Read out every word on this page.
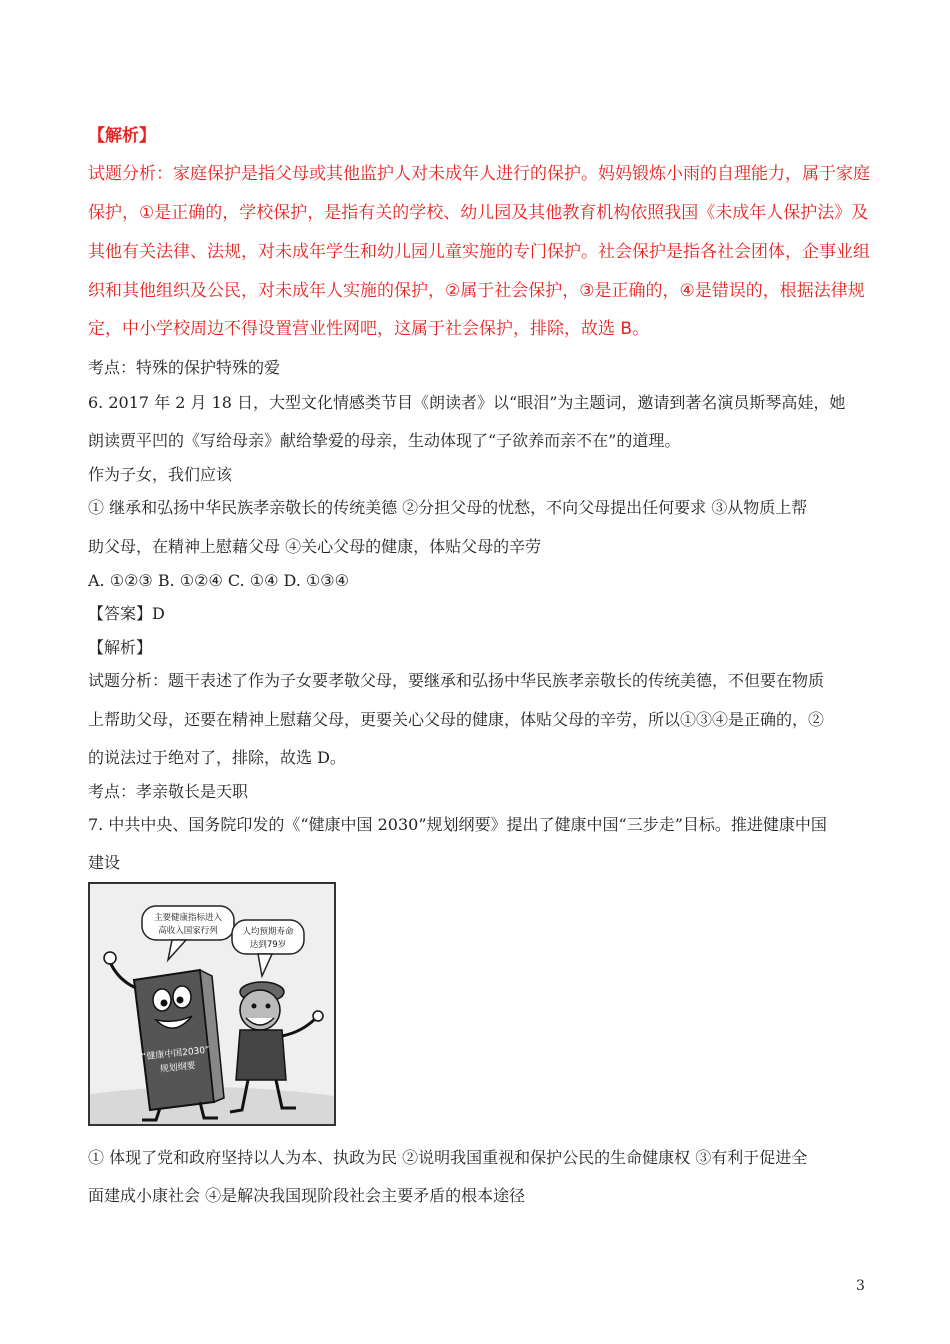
【解析】
试题分析：家庭保护是指父母或其他监护人对未成年人进行的保护。妈妈锻炼小雨的自理能力，属于家庭
保护，①是正确的，学校保护，是指有关的学校、幼儿园及其他教育机构依照我国《未成年人保护法》及
其他有关法律、法规，对未成年学生和幼儿园儿童实施的专门保护。社会保护是指各社会团体，企事业组
织和其他组织及公民，对未成年人实施的保护，②属于社会保护，③是正确的，④是错误的，根据法律规
定，中小学校周边不得设置营业性网吧，这属于社会保护，排除，故选 B。
考点：特殊的保护特殊的爱
6. 2017 年 2 月 18 日，大型文化情感类节目《朗读者》以“眼泪”为主题词，邀请到著名演员斯琴高娃，她
朗读贾平凹的《写给母亲》献给挚爱的母亲，生动体现了“子欲养而亲不在”的道理。
作为子女，我们应该
① 继承和弘扬中华民族孝亲敬长的传统美德 ②分担父母的忧愁，不向父母提出任何要求 ③从物质上帮
助父母，在精神上慰藉父母 ④关心父母的健康，体贴父母的辛劳
A. ①②③ B. ①②④ C. ①④ D. ①③④
【答案】D
【解析】
试题分析：题干表述了作为子女要孝敬父母，要继承和弘扬中华民族孝亲敬长的传统美德，不但要在物质
上帮助父母，还要在精神上慰藉父母，更要关心父母的健康，体贴父母的辛劳，所以①③④是正确的，②
的说法过于绝对了，排除，故选 D。
考点：孝亲敬长是天职
7. 中共中央、国务院印发的《“健康中国 2030”规划纲要》提出了健康中国“三步走”目标。推进健康中国
建设
① 体现了党和政府坚持以人为本、执政为民 ②说明我国重视和保护公民的生命健康权 ③有利于促进全
面建成小康社会 ④是解决我国现阶段社会主要矛盾的根本途径
主要健康指标进入
高收入国家行列	人均预期寿命
达到79岁
“健康中国2030”
规划纲要
3
